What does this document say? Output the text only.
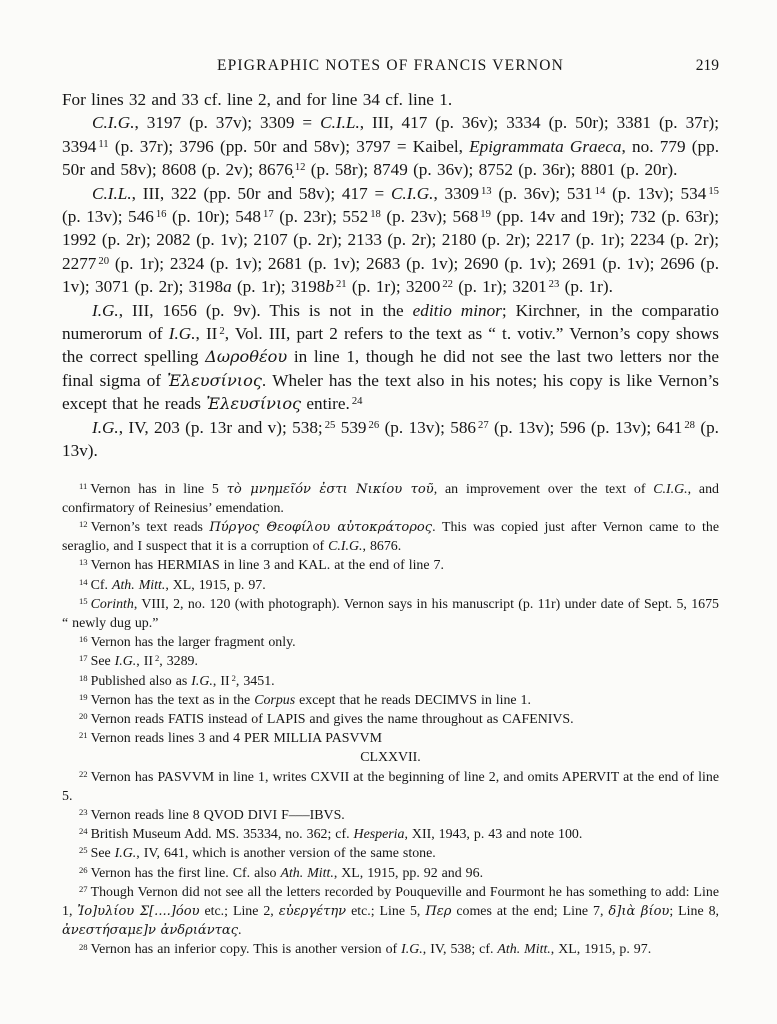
EPIGRAPHIC NOTES OF FRANCIS VERNON	219

For lines 32 and 33 cf. line 2, and for line 34 cf. line 1.

C.I.G., 3197 (p. 37v); 3309 = C.I.L., III, 417 (p. 36v); 3334 (p. 50r); 3381 (p. 37r); 3394 $^{11}$ (p. 37r); 3796 (pp. 50r and 58v); 3797 = Kaibel, Epigrammata Graeca, no. 779 (pp. 50r and 58v); 8608 (p. 2v); 8676̣ $^{12}$ (p. 58r); 8749 (p. 36v); 8752 (p. 36r); 8801 (p. 20r).

C.I.L., III, 322 (pp. 50r and 58v); 417 = C.I.G., 3309 $^{13}$ (p. 36v); 531 $^{14}$ (p. 13v); 534 $^{15}$ (p. 13v); 546 $^{16}$ (p. 10r); 548 $^{17}$ (p. 23r); 552 $^{18}$ (p. 23v); 568 $^{19}$ (pp. 14v and 19r); 732 (p. 63r); 1992 (p. 2r); 2082 (p. 1v); 2107 (p. 2r); 2133 (p. 2r); 2180 (p. 2r); 2217 (p. 1r); 2234 (p. 2r); 2277 $^{20}$ (p. 1r); 2324 (p. 1v); 2681 (p. 1v); 2683 (p. 1v); 2690 (p. 1v); 2691 (p. 1v); 2696 (p. 1v); 3071 (p. 2r); 3198a (p. 1r); 3198b $^{21}$ (p. 1r); 3200 $^{22}$ (p. 1r); 3201 $^{23}$ (p. 1r).

I.G., III, 1656 (p. 9v). This is not in the editio minor; Kirchner, in the comparatio numerorum of I.G., II $^2$, Vol. III, part 2 refers to the text as “ t. votiv.” Vernon’s copy shows the correct spelling Δωροθέου in line 1, though he did not see the last two letters nor the final sigma of Ἐλευσίνιος. Wheler has the text also in his notes; his copy is like Vernon’s except that he reads Ἐλευσίνιος entire. $^{24}$

I.G., IV, 203 (p. 13r and v); 538; $^{25}$ 539 $^{26}$ (p. 13v); 586 $^{27}$ (p. 13v); 596 (p. 13v); 641 $^{28}$ (p. 13v).

$^{11}$ Vernon has in line 5 τὸ μνημεῖόν ἐστι Νικίου τοῦ, an improvement over the text of C.I.G., and confirmatory of Reinesius’ emendation.

$^{12}$ Vernon’s text reads Πύργος Θεοφίλου αὐτοκράτορος. This was copied just after Vernon came to the seraglio, and I suspect that it is a corruption of C.I.G., 8676.

$^{13}$ Vernon has HERMIAS in line 3 and KAL. at the end of line 7.

$^{14}$ Cf. Ath. Mitt., XL, 1915, p. 97.

$^{15}$ Corinth, VIII, 2, no. 120 (with photograph). Vernon says in his manuscript (p. 11r) under date of Sept. 5, 1675 “ newly dug up.”

$^{16}$ Vernon has the larger fragment only.

$^{17}$ See I.G., II $^2$, 3289.

$^{18}$ Published also as I.G., II $^2$, 3451.

$^{19}$ Vernon has the text as in the Corpus except that he reads DECIMVS in line 1.

$^{20}$ Vernon reads FATIS instead of LAPIS and gives the name throughout as CAFENIVS.

$^{21}$ Vernon reads lines 3 and 4 PER MILLIA PASVVM

CLXXVII.

$^{22}$ Vernon has PASVVM in line 1, writes CXVII at the beginning of line 2, and omits APERVIT at the end of line 5.

$^{23}$ Vernon reads line 8 QVOD DIVI F–––IBVS.

$^{24}$ British Museum Add. MS. 35334, no. 362; cf. Hesperia, XII, 1943, p. 43 and note 100.

$^{25}$ See I.G., IV, 641, which is another version of the same stone.

$^{26}$ Vernon has the first line. Cf. also Ath. Mitt., XL, 1915, pp. 92 and 96.

$^{27}$ Though Vernon did not see all the letters recorded by Pouqueville and Fourmont he has something to add: Line 1, Ἰο]υλίου Σ[....]όου etc.; Line 2, εὐεργέτην etc.; Line 5, Περ comes at the end; Line 7, δ]ιὰ βίου; Line 8, ἀνεστήσαμε]ν ἀνδριάντας.

$^{28}$ Vernon has an inferior copy. This is another version of I.G., IV, 538; cf. Ath. Mitt., XL, 1915, p. 97.
